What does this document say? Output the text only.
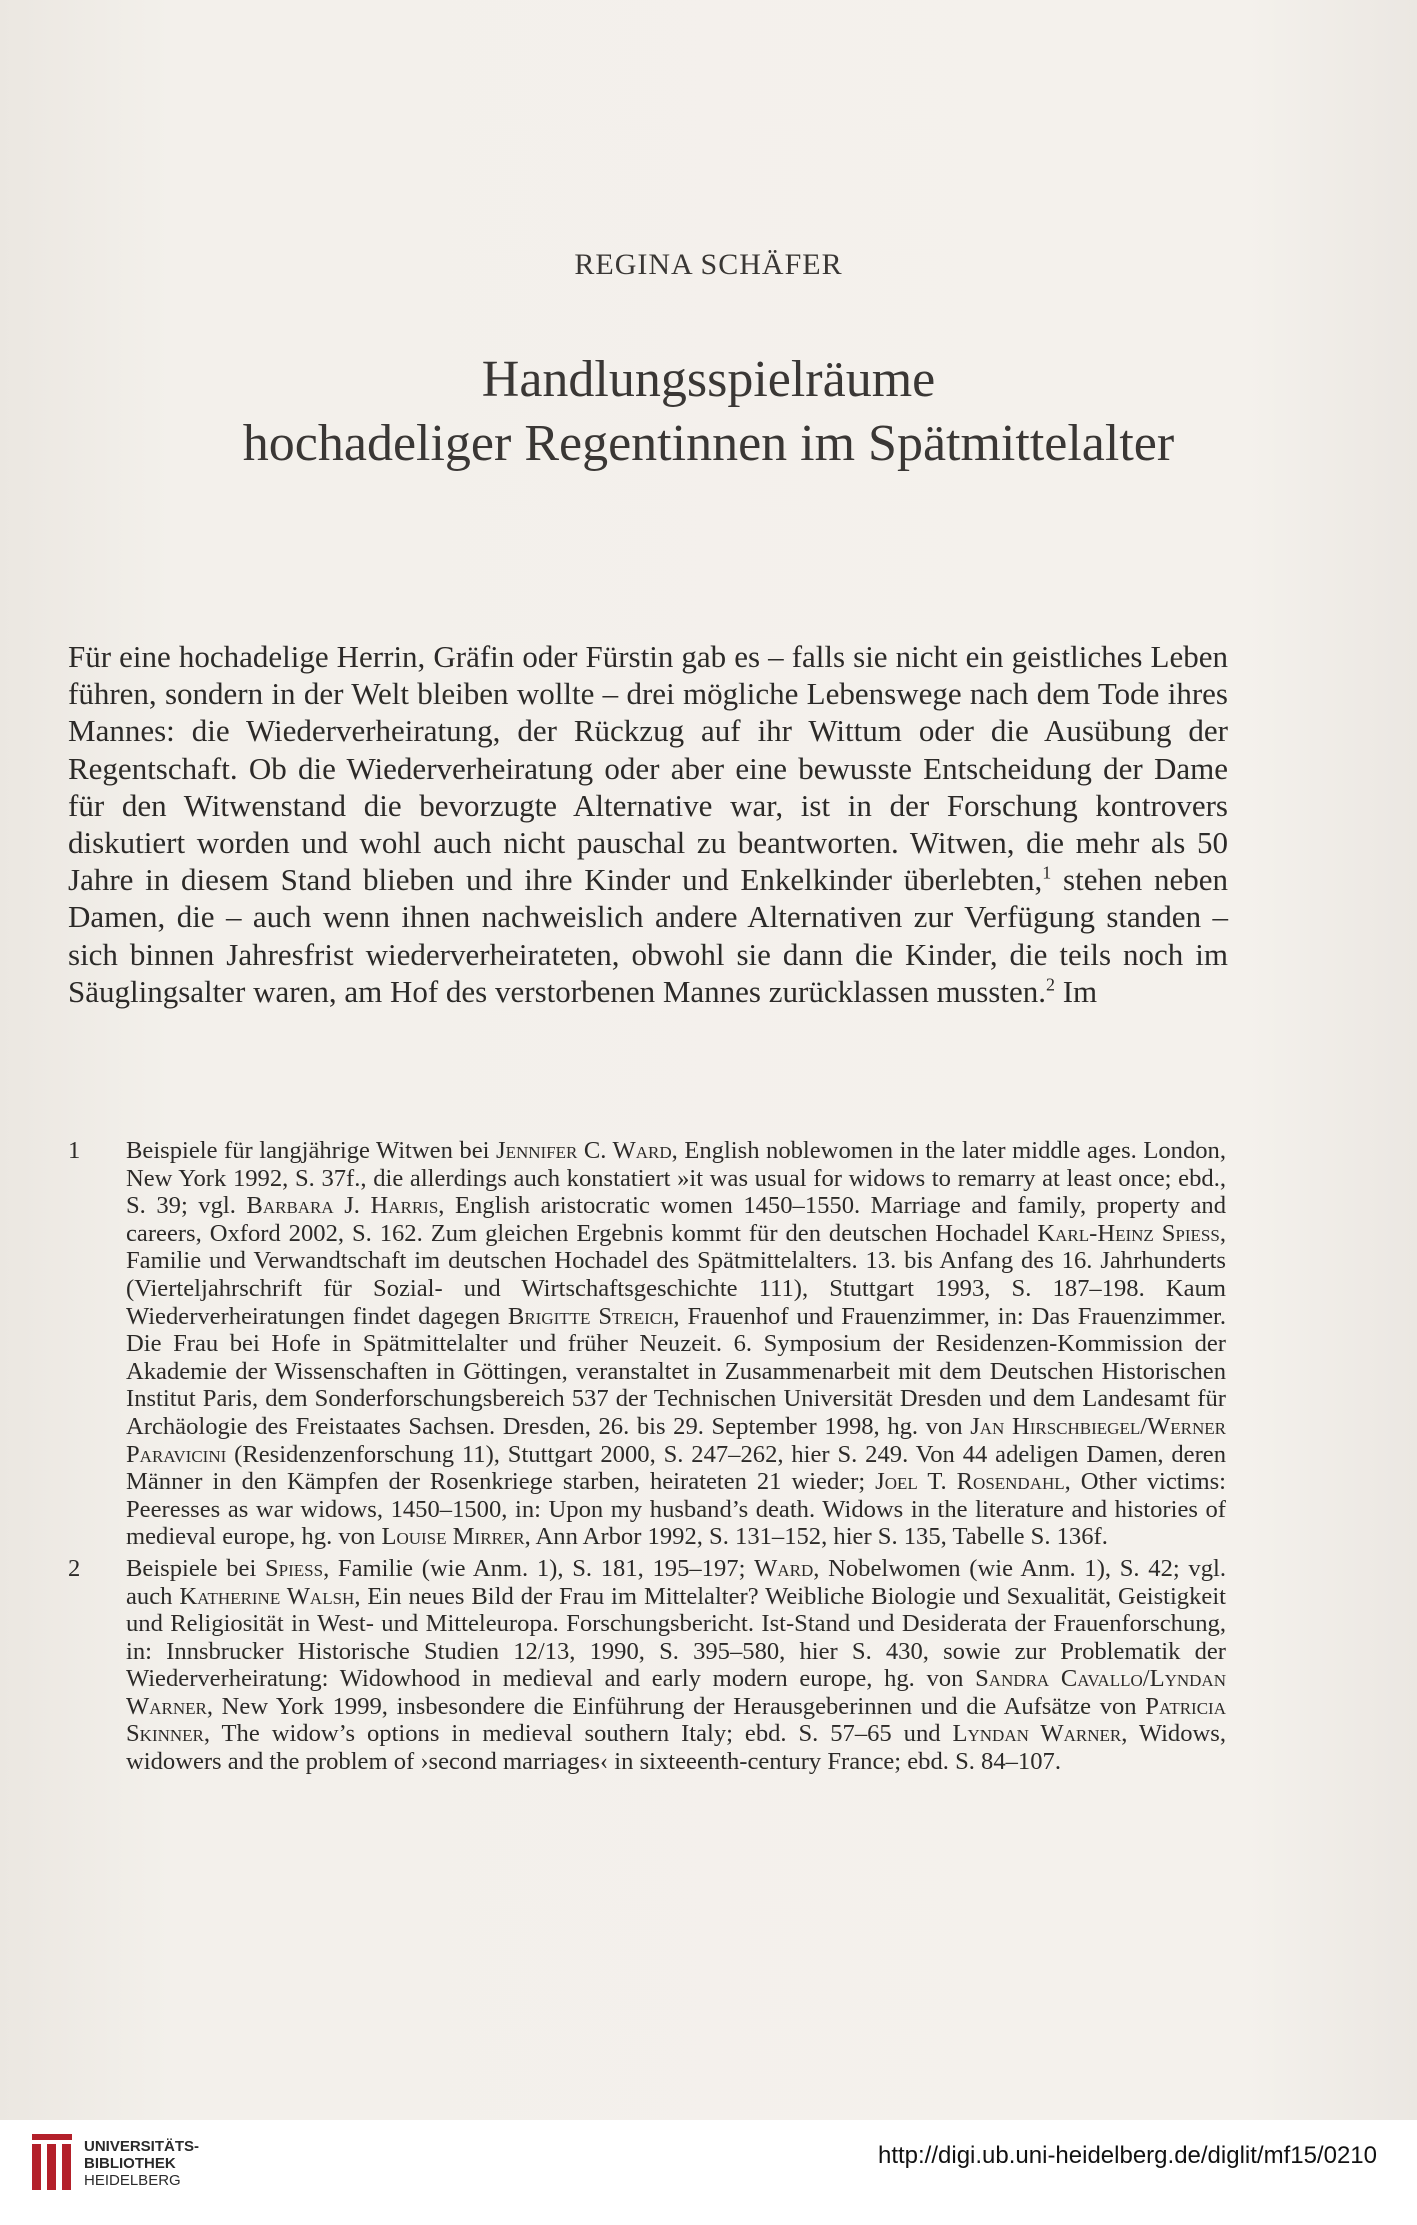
REGINA SCHÄFER
Handlungsspielräume
hochadeliger Regentinnen im Spätmittelalter
Für eine hochadelige Herrin, Gräfin oder Fürstin gab es – falls sie nicht ein geistliches Leben führen, sondern in der Welt bleiben wollte – drei mögliche Lebenswege nach dem Tode ihres Mannes: die Wiederverheiratung, der Rückzug auf ihr Wittum oder die Ausübung der Regentschaft. Ob die Wiederverheiratung oder aber eine bewusste Entscheidung der Dame für den Witwenstand die bevorzugte Alternative war, ist in der Forschung kontrovers diskutiert worden und wohl auch nicht pauschal zu beantworten. Witwen, die mehr als 50 Jahre in diesem Stand blieben und ihre Kinder und Enkelkinder überlebten,$^1$ stehen neben Damen, die – auch wenn ihnen nachweislich andere Alternativen zur Verfügung standen – sich binnen Jahresfrist wiederverheirateten, obwohl sie dann die Kinder, die teils noch im Säuglingsalter waren, am Hof des verstorbenen Mannes zurücklassen mussten.$^2$ Im
1 Beispiele für langjährige Witwen bei Jennifer C. Ward, English noblewomen in the later middle ages. London, New York 1992, S. 37f., die allerdings auch konstatiert »it was usual for widows to remarry at least once; ebd., S. 39; vgl. Barbara J. Harris, English aristocratic women 1450–1550. Marriage and family, property and careers, Oxford 2002, S. 162. Zum gleichen Ergebnis kommt für den deutschen Hochadel Karl-Heinz Spiess, Familie und Verwandtschaft im deutschen Hochadel des Spätmittelalters. 13. bis Anfang des 16. Jahrhunderts (Vierteljahrschrift für Sozial- und Wirtschaftsgeschichte 111), Stuttgart 1993, S. 187–198. Kaum Wiederverheiratungen findet dagegen Brigitte Streich, Frauenhof und Frauenzimmer, in: Das Frauenzimmer. Die Frau bei Hofe in Spätmittelalter und früher Neuzeit. 6. Symposium der Residenzen-Kommission der Akademie der Wissenschaften in Göttingen, veranstaltet in Zusammenarbeit mit dem Deutschen Historischen Institut Paris, dem Sonderforschungsbereich 537 der Technischen Universität Dresden und dem Landesamt für Archäologie des Freistaates Sachsen. Dresden, 26. bis 29. September 1998, hg. von Jan Hirschbiegel/Werner Paravicini (Residenzenforschung 11), Stuttgart 2000, S. 247–262, hier S. 249. Von 44 adeligen Damen, deren Männer in den Kämpfen der Rosenkriege starben, heirateten 21 wieder; Joel T. Rosendahl, Other victims: Peeresses as war widows, 1450–1500, in: Upon my husband’s death. Widows in the literature and histories of medieval europe, hg. von Louise Mirrer, Ann Arbor 1992, S. 131–152, hier S. 135, Tabelle S. 136f.
2 Beispiele bei Spiess, Familie (wie Anm. 1), S. 181, 195–197; Ward, Nobelwomen (wie Anm. 1), S. 42; vgl. auch Katherine Walsh, Ein neues Bild der Frau im Mittelalter? Weibliche Biologie und Sexualität, Geistigkeit und Religiosität in West- und Mitteleuropa. Forschungsbericht. Ist-Stand und Desiderata der Frauenforschung, in: Innsbrucker Historische Studien 12/13, 1990, S. 395–580, hier S. 430, sowie zur Problematik der Wiederverheiratung: Widowhood in medieval and early modern europe, hg. von Sandra Cavallo/Lyndan Warner, New York 1999, insbesondere die Einführung der Herausgeberinnen und die Aufsätze von Patricia Skinner, The widow’s options in medieval southern Italy; ebd. S. 57–65 und Lyndan Warner, Widows, widowers and the problem of ›second marriages‹ in sixteeenth-century France; ebd. S. 84–107.
UNIVERSITÄTS-
BIBLIOTHEK
HEIDELBERG
http://digi.ub.uni-heidelberg.de/diglit/mf15/0210
